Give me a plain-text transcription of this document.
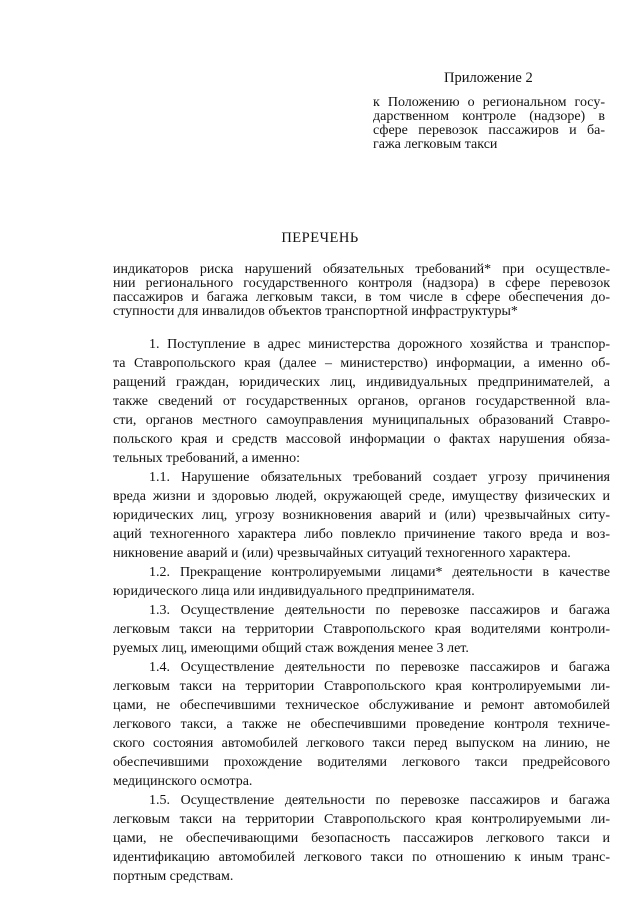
Приложение 2
к Положению о региональном госу-
дарственном контроле (надзоре) в
сфере перевозок пассажиров и ба-
гажа легковым такси
ПЕРЕЧЕНЬ
индикаторов риска нарушений обязательных требований* при осуществле-
нии регионального государственного контроля (надзора) в сфере перевозок
пассажиров и багажа легковым такси, в том числе в сфере обеспечения до-
ступности для инвалидов объектов транспортной инфраструктуры*
1. Поступление в адрес министерства дорожного хозяйства и транспор-
та Ставропольского края (далее – министерство) информации, а именно об-
ращений граждан, юридических лиц, индивидуальных предпринимателей, а
также сведений от государственных органов, органов государственной вла-
сти, органов местного самоуправления муниципальных образований Ставро-
польского края и средств массовой информации о фактах нарушения обяза-
тельных требований, а именно:
1.1. Нарушение обязательных требований создает угрозу причинения
вреда жизни и здоровью людей, окружающей среде, имуществу физических и
юридических лиц, угрозу возникновения аварий и (или) чрезвычайных ситу-
аций техногенного характера либо повлекло причинение такого вреда и воз-
никновение аварий и (или) чрезвычайных ситуаций техногенного характера.
1.2. Прекращение контролируемыми лицами* деятельности в качестве
юридического лица или индивидуального предпринимателя.
1.3. Осуществление деятельности по перевозке пассажиров и багажа
легковым такси на территории Ставропольского края водителями контроли-
руемых лиц, имеющими общий стаж вождения менее 3 лет.
1.4. Осуществление деятельности по перевозке пассажиров и багажа
легковым такси на территории Ставропольского края контролируемыми ли-
цами, не обеспечившими техническое обслуживание и ремонт автомобилей
легкового такси, а также не обеспечившими проведение контроля техниче-
ского состояния автомобилей легкового такси перед выпуском на линию, не
обеспечившими прохождение водителями легкового такси предрейсового
медицинского осмотра.
1.5. Осуществление деятельности по перевозке пассажиров и багажа
легковым такси на территории Ставропольского края контролируемыми ли-
цами, не обеспечивающими безопасность пассажиров легкового такси и
идентификацию автомобилей легкового такси по отношению к иным транс-
портным средствам.
